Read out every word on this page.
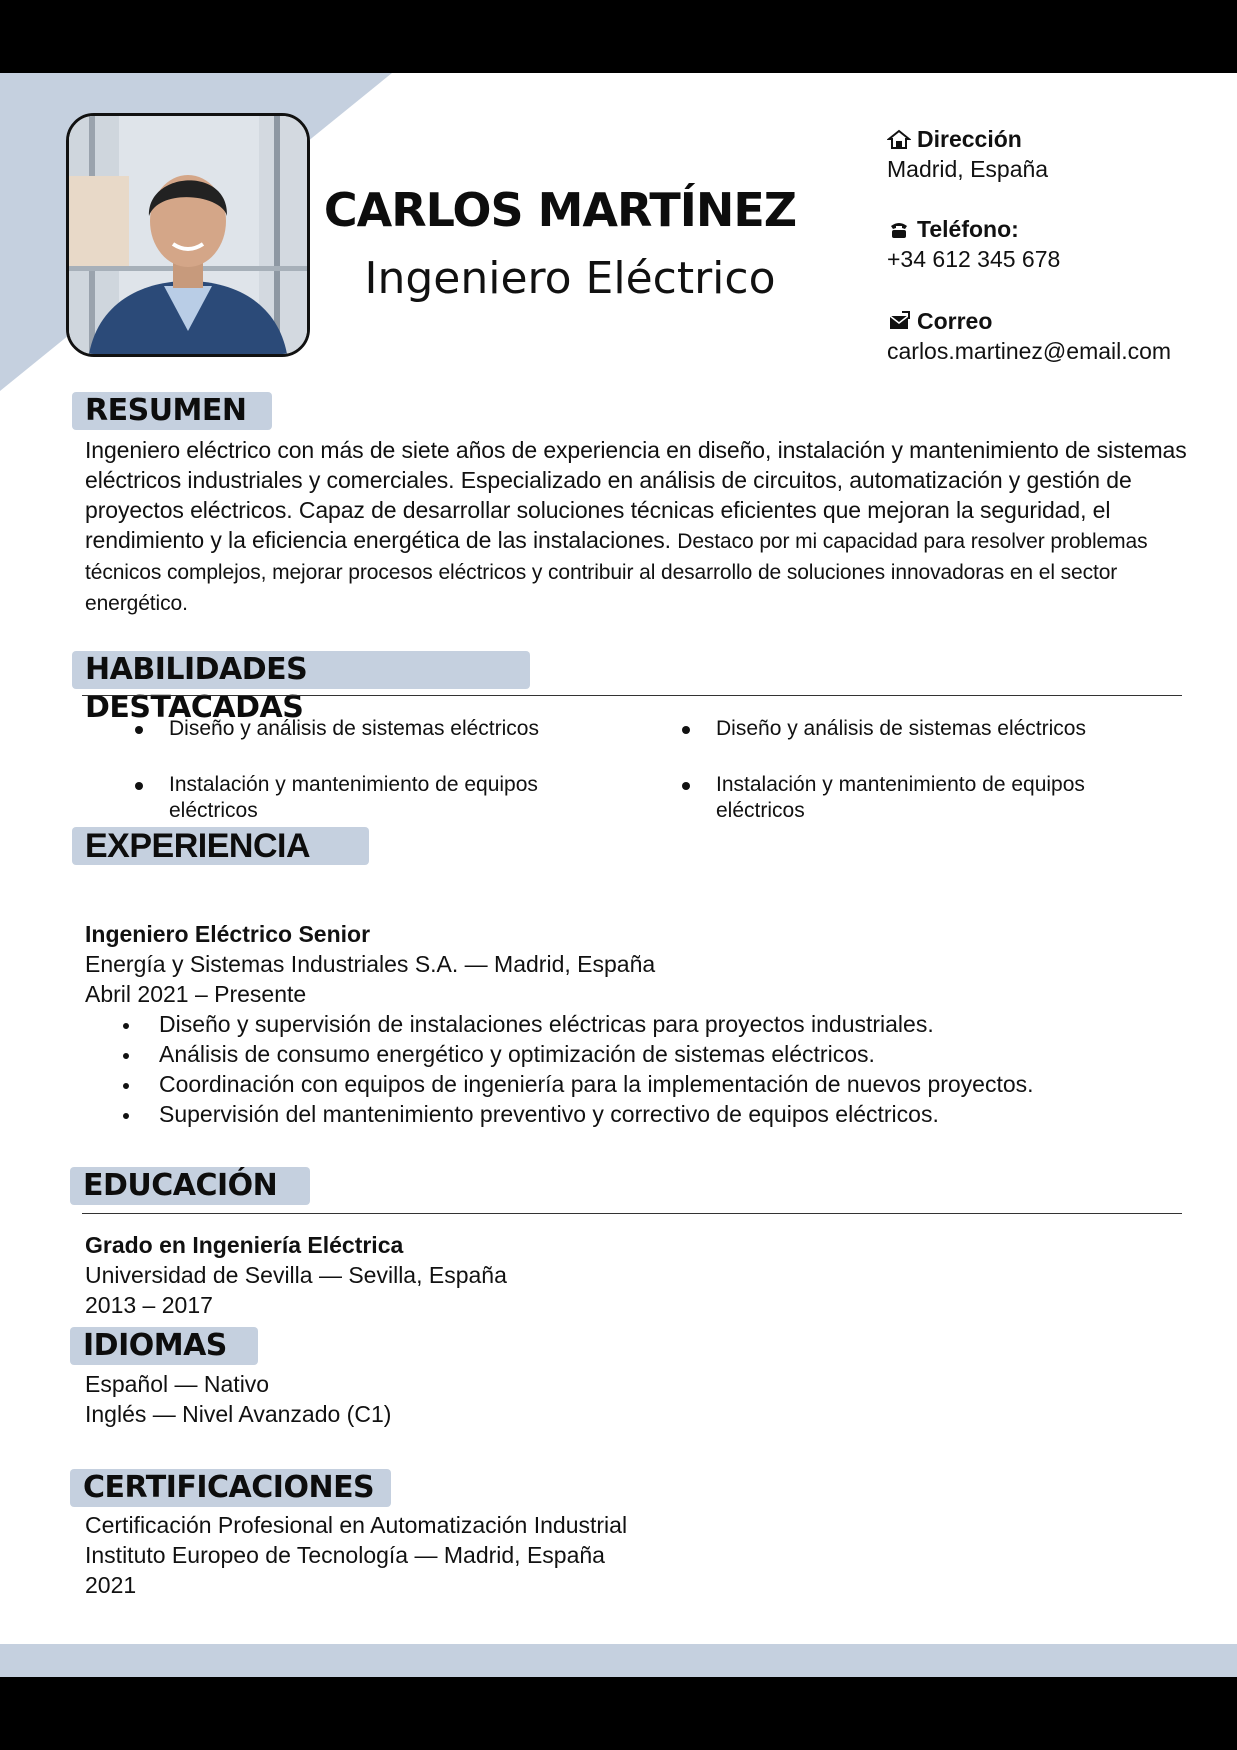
CARLOS MARTÍNEZ
Ingeniero Eléctrico
Dirección
Madrid, España
Teléfono:
+34 612 345 678
Correo
carlos.martinez@email.com
RESUMEN
Ingeniero eléctrico con más de siete años de experiencia en diseño, instalación y mantenimiento de sistemas eléctricos industriales y comerciales. Especializado en análisis de circuitos, automatización y gestión de proyectos eléctricos. Capaz de desarrollar soluciones técnicas eficientes que mejoran la seguridad, el rendimiento y la eficiencia energética de las instalaciones. Destaco por mi capacidad para resolver problemas técnicos complejos, mejorar procesos eléctricos y contribuir al desarrollo de soluciones innovadoras en el sector energético.
HABILIDADES DESTACADAS
Diseño y análisis de sistemas eléctricos
Instalación y mantenimiento de equipos eléctricos
Diseño y análisis de sistemas eléctricos
Instalación y mantenimiento de equipos eléctricos
EXPERIENCIA
Ingeniero Eléctrico Senior
Energía y Sistemas Industriales S.A. — Madrid, España
Abril 2021 – Presente
Diseño y supervisión de instalaciones eléctricas para proyectos industriales.
Análisis de consumo energético y optimización de sistemas eléctricos.
Coordinación con equipos de ingeniería para la implementación de nuevos proyectos.
Supervisión del mantenimiento preventivo y correctivo de equipos eléctricos.
EDUCACIÓN
Grado en Ingeniería Eléctrica
Universidad de Sevilla — Sevilla, España
2013 – 2017
IDIOMAS
Español — Nativo
Inglés — Nivel Avanzado (C1)
CERTIFICACIONES
Certificación Profesional en Automatización Industrial
Instituto Europeo de Tecnología — Madrid, España
2021
